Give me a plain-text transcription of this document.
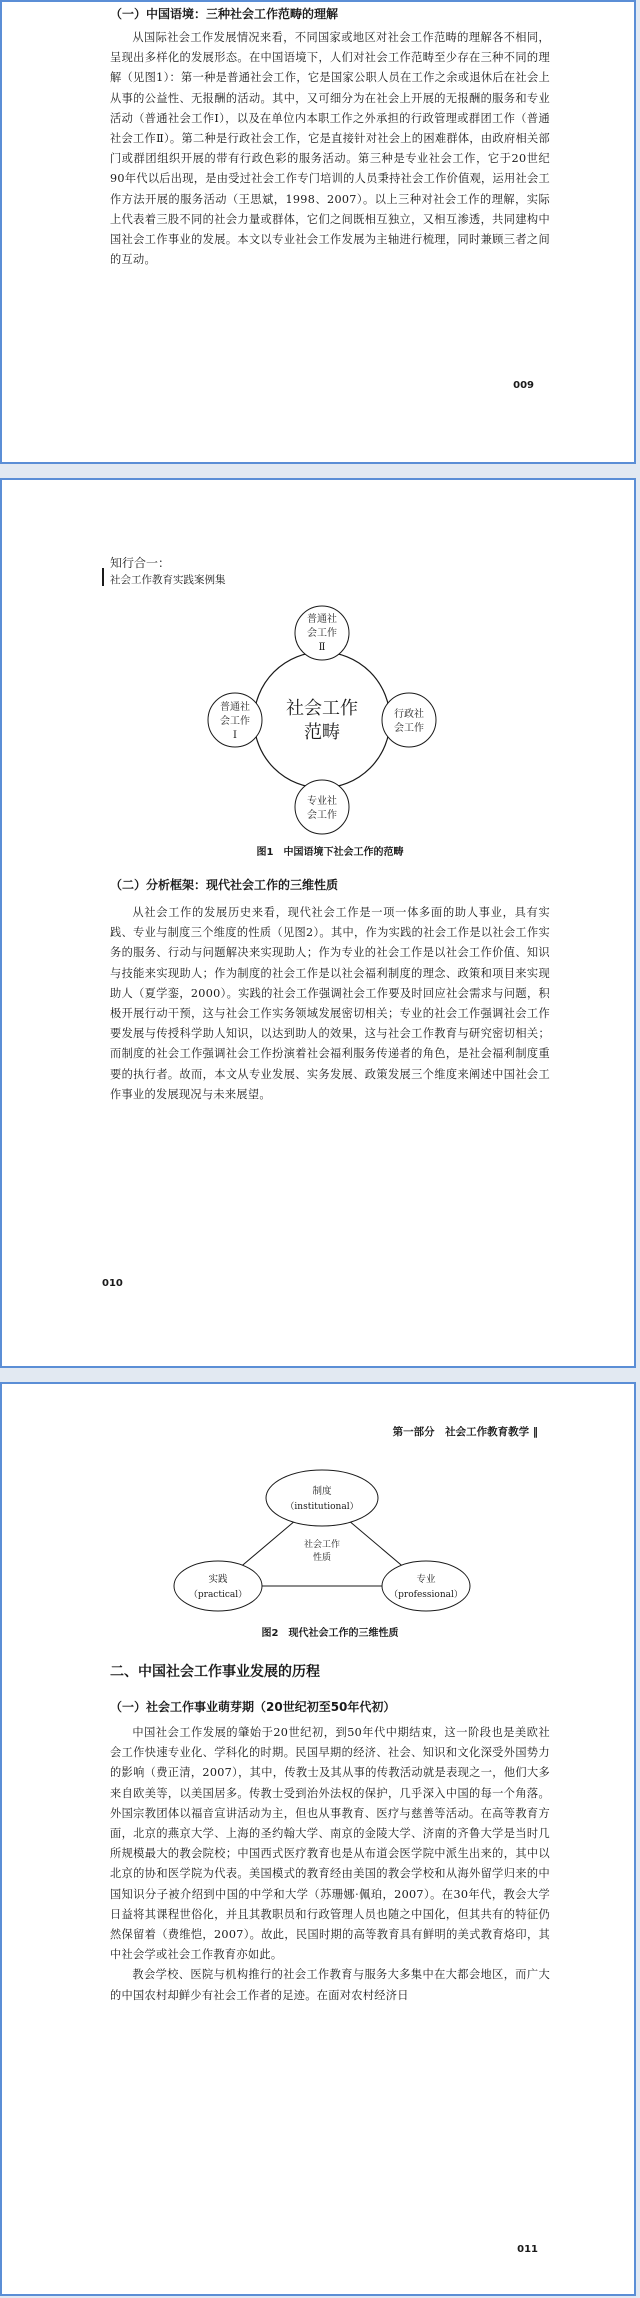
（一）中国语境：三种社会工作范畴的理解

从国际社会工作发展情况来看，不同国家或地区对社会工作范畴的理解各不相同，呈现出多样化的发展形态。在中国语境下，人们对社会工作范畴至少存在三种不同的理解（见图1）：第一种是普通社会工作，它是国家公职人员在工作之余或退休后在社会上从事的公益性、无报酬的活动。其中，又可细分为在社会上开展的无报酬的服务和专业活动（普通社会工作Ⅰ），以及在单位内本职工作之外承担的行政管理或群团工作（普通社会工作Ⅱ）。第二种是行政社会工作，它是直接针对社会上的困难群体，由政府相关部门或群团组织开展的带有行政色彩的服务活动。第三种是专业社会工作，它于20世纪90年代以后出现，是由受过社会工作专门培训的人员秉持社会工作价值观，运用社会工作方法开展的服务活动（王思斌，1998、2007）。以上三种对社会工作的理解，实际上代表着三股不同的社会力量或群体，它们之间既相互独立，又相互渗透，共同建构中国社会工作事业的发展。本文以专业社会工作发展为主轴进行梳理，同时兼顾三者之间的互动。

009
知行合一：
社会工作教育实践案例集
社会工作
范畴
普通社
会工作
Ⅱ
普通社
会工作
Ⅰ
行政社
会工作
专业社
会工作
图1　中国语境下社会工作的范畴
（二）分析框架：现代社会工作的三维性质

从社会工作的发展历史来看，现代社会工作是一项一体多面的助人事业，具有实践、专业与制度三个维度的性质（见图2）。其中，作为实践的社会工作是以社会工作实务的服务、行动与问题解决来实现助人；作为专业的社会工作是以社会工作价值、知识与技能来实现助人；作为制度的社会工作是以社会福利制度的理念、政策和项目来实现助人（夏学銮，2000）。实践的社会工作强调社会工作要及时回应社会需求与问题，积极开展行动干预，这与社会工作实务领域发展密切相关；专业的社会工作强调社会工作要发展与传授科学助人知识，以达到助人的效果，这与社会工作教育与研究密切相关；而制度的社会工作强调社会工作扮演着社会福利服务传递者的角色，是社会福利制度重要的执行者。故而，本文从专业发展、实务发展、政策发展三个维度来阐述中国社会工作事业的发展现况与未来展望。

010
第一部分　社会工作教育教学 ‖
制度
（institutional）
社会工作
性质
实践
（practical）
专业
（professional）
图2　现代社会工作的三维性质
二、中国社会工作事业发展的历程
（一）社会工作事业萌芽期（20世纪初至50年代初）

中国社会工作发展的肇始于20世纪初，到50年代中期结束，这一阶段也是美欧社会工作快速专业化、学科化的时期。民国早期的经济、社会、知识和文化深受外国势力的影响（费正清，2007），其中，传教士及其从事的传教活动就是表现之一，他们大多来自欧美等，以美国居多。传教士受到治外法权的保护，几乎深入中国的每一个角落。外国宗教团体以福音宣讲活动为主，但也从事教育、医疗与慈善等活动。在高等教育方面，北京的燕京大学、上海的圣约翰大学、南京的金陵大学、济南的齐鲁大学是当时几所规模最大的教会院校；中国西式医疗教育也是从布道会医学院中派生出来的，其中以北京的协和医学院为代表。美国模式的教育经由美国的教会学校和从海外留学归来的中国知识分子被介绍到中国的中学和大学（苏珊娜·佩珀，2007）。在30年代，教会大学日益将其课程世俗化，并且其教职员和行政管理人员也随之中国化，但其共有的特征仍然保留着（费维恺，2007）。故此，民国时期的高等教育具有鲜明的美式教育烙印，其中社会学或社会工作教育亦如此。

教会学校、医院与机构推行的社会工作教育与服务大多集中在大都会地区，而广大的中国农村却鲜少有社会工作者的足迹。在面对农村经济日

011
